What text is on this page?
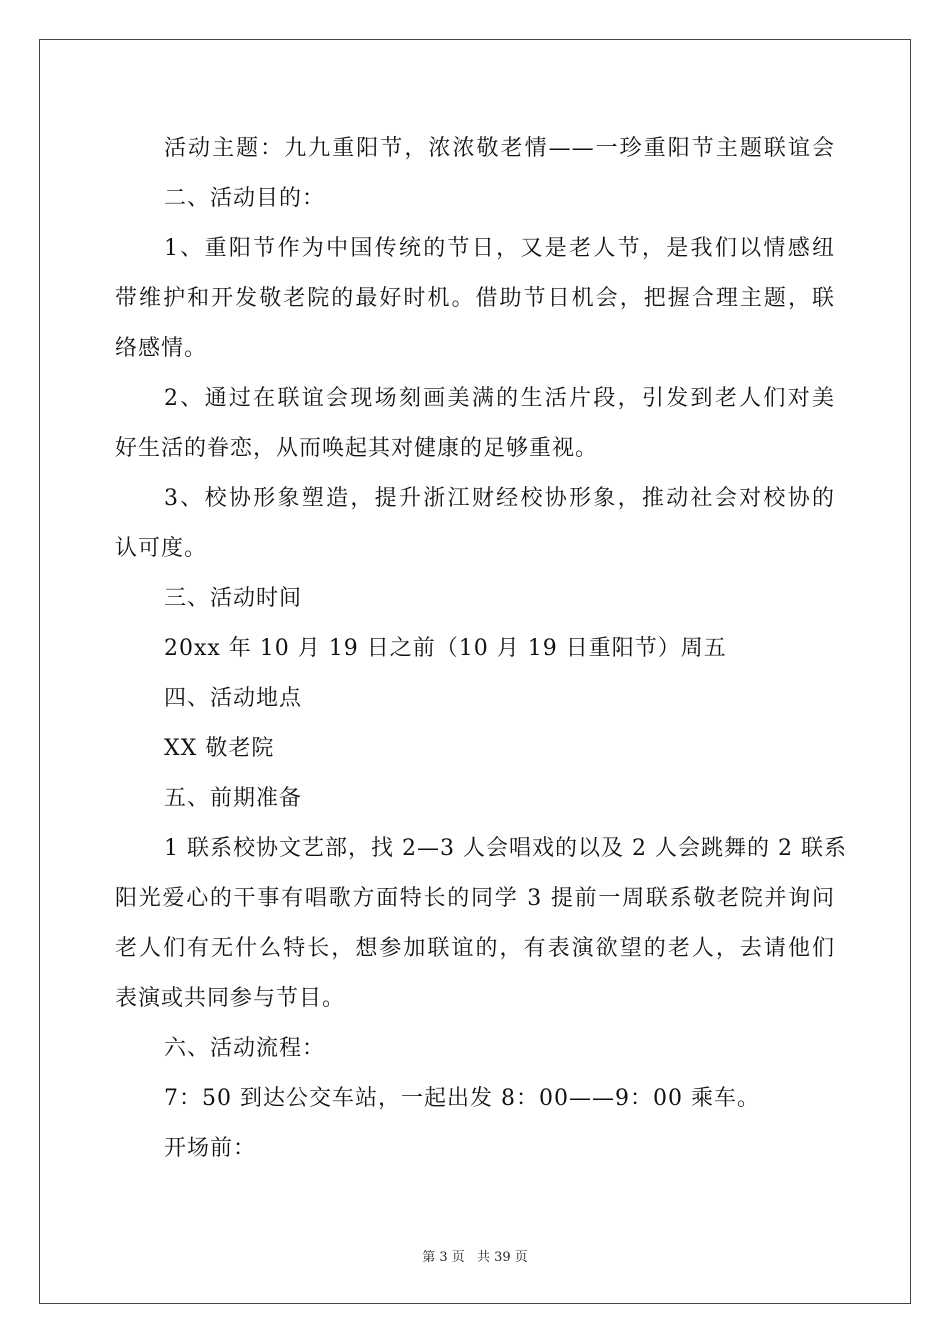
活动主题：九九重阳节，浓浓敬老情——一珍重阳节主题联谊会
二、活动目的：
1、重阳节作为中国传统的节日，又是老人节，是我们以情感纽
带维护和开发敬老院的最好时机。借助节日机会，把握合理主题，联
络感情。
2、通过在联谊会现场刻画美满的生活片段，引发到老人们对美
好生活的眷恋，从而唤起其对健康的足够重视。
3、校协形象塑造，提升浙江财经校协形象，推动社会对校协的
认可度。
三、活动时间
20xx 年 10 月 19 日之前（10 月 19 日重阳节）周五
四、活动地点
XX 敬老院
五、前期准备
1 联系校协文艺部，找 2—3 人会唱戏的以及 2 人会跳舞的 2 联系
阳光爱心的干事有唱歌方面特长的同学 3 提前一周联系敬老院并询问
老人们有无什么特长，想参加联谊的，有表演欲望的老人，去请他们
表演或共同参与节目。
六、活动流程：
7：50 到达公交车站，一起出发 8：00——9：00 乘车。
开场前：
第 3 页 共 39 页
